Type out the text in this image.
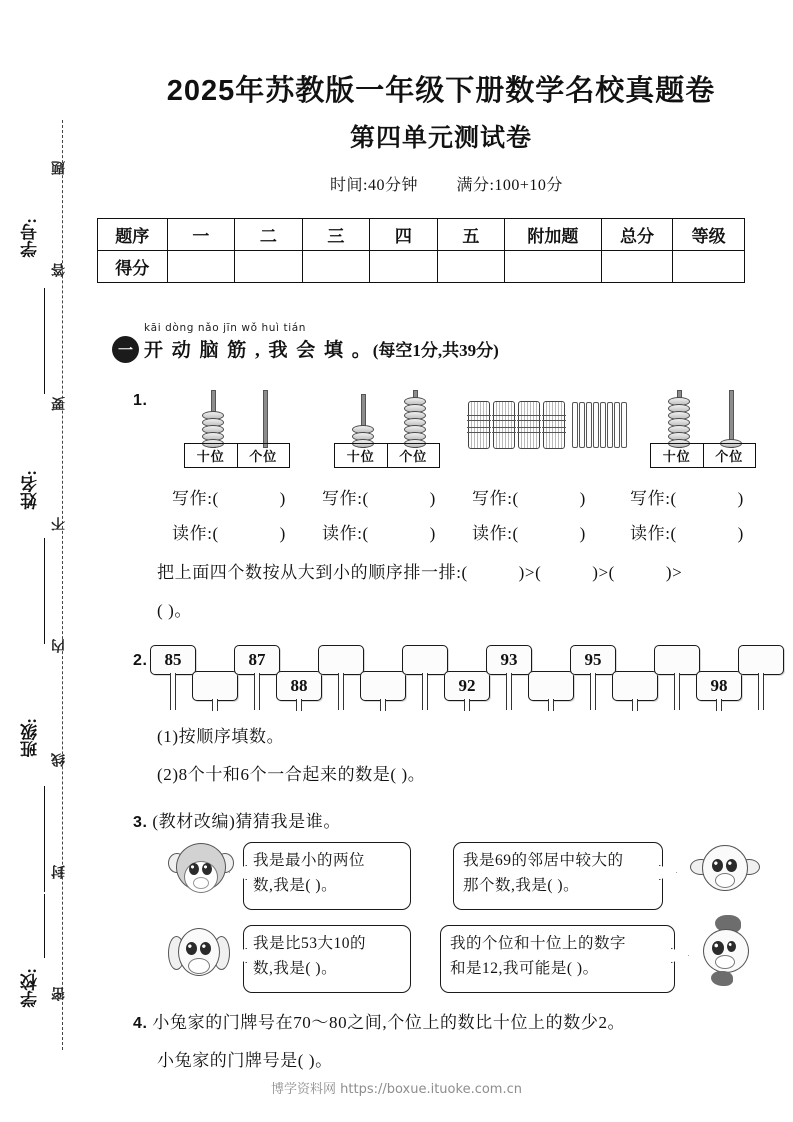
题
答
要
不
内
线
封
密
学号:
姓名:
班级:
学校:
2025年苏教版一年级下册数学名校真题卷
第四单元测试卷
时间:40分钟 满分:100+10分
题序	一	二	三	四	五	附加题	总分	等级
得分								
一
kāi dòng nǎo jīn wǒ huì tián
开 动 脑 筋 , 我 会 填 。(每空1分,共39分)
1.
十位	个位	十位	个位	十位	个位
写作:(	) 写作:(	) 写作:(	)	写作:(	)
读作:(	) 读作:(	) 读作:(	)	读作:(	)
把上面四个数按从大到小的顺序排一排:(	)>(	)>(	)>
( )。
2. 85	87
88	92
93	95
98
(1)按顺序填数。
(2)8个十和6个一合起来的数是( )。
3. (教材改编)猜猜我是谁。
我是最小的两位
数,我是( )。
我是69的邻居中较大的
那个数,我是( )。
我是比53大10的
数,我是( )。
我的个位和十位上的数字
和是12,我可能是( )。
4. 小兔家的门牌号在70～80之间,个位上的数比十位上的数少2。
小兔家的门牌号是( )。
博学资料网 https://boxue.ituoke.com.cn
